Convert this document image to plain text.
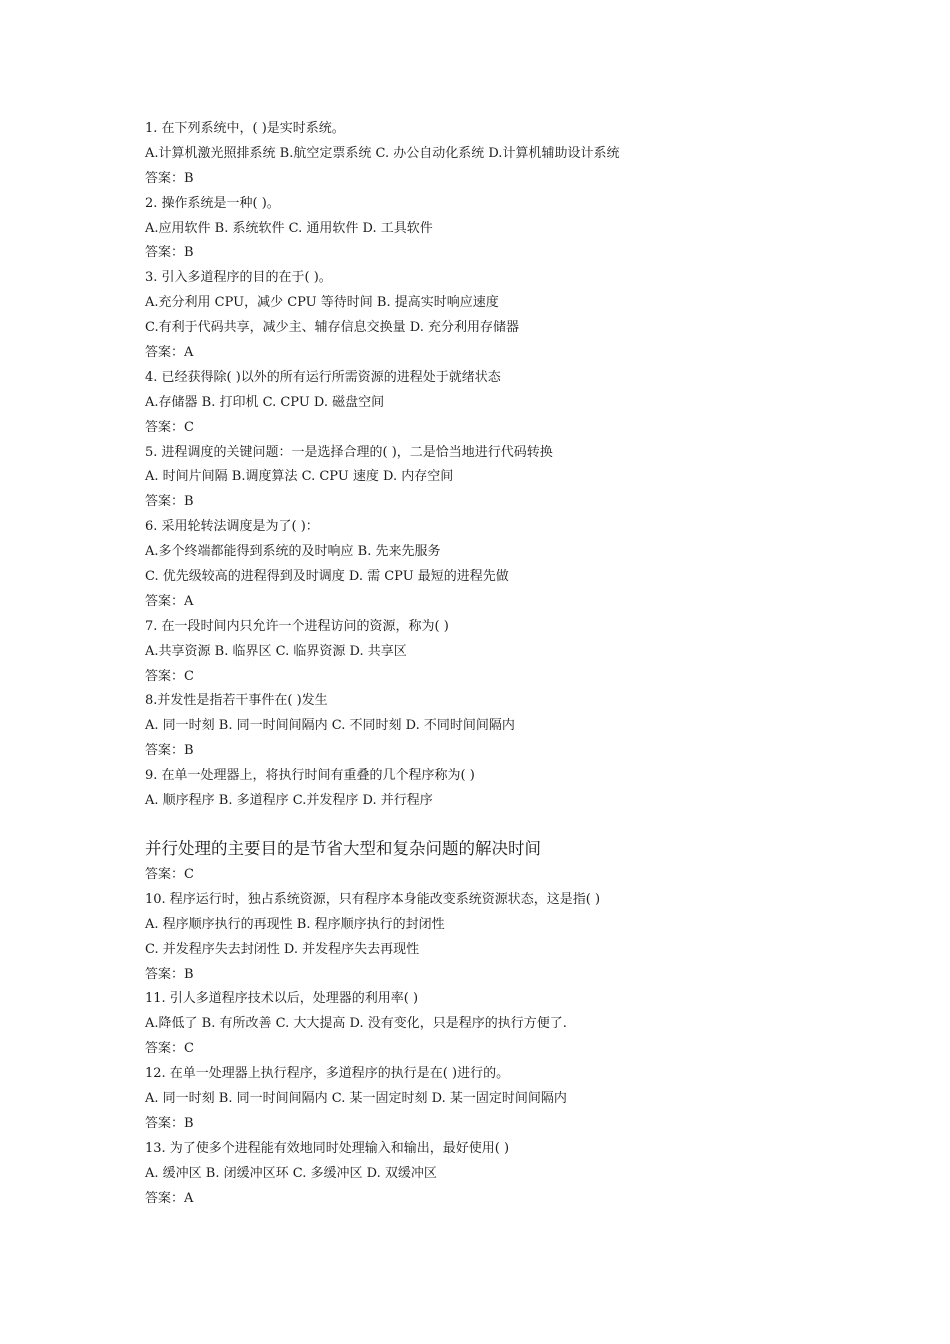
1. 在下列系统中，( )是实时系统。
A.计算机激光照排系统 B.航空定票系统 C. 办公自动化系统 D.计算机辅助设计系统
答案：B
2. 操作系统是一种( )。
A.应用软件 B. 系统软件 C. 通用软件 D. 工具软件
答案：B
3. 引入多道程序的目的在于( )。
A.充分利用 CPU，减少 CPU 等待时间 B. 提高实时响应速度
C.有利于代码共享，减少主、辅存信息交换量 D. 充分利用存储器
答案：A
4. 已经获得除( )以外的所有运行所需资源的进程处于就绪状态
A.存储器 B. 打印机 C. CPU D. 磁盘空间
答案：C
5. 进程调度的关键问题：一是选择合理的( )，二是恰当地进行代码转换
A. 时间片间隔 B.调度算法 C. CPU 速度 D. 内存空间
答案：B
6. 采用轮转法调度是为了( )：
A.多个终端都能得到系统的及时响应 B. 先来先服务
C. 优先级较高的进程得到及时调度 D. 需 CPU 最短的进程先做
答案：A
7. 在一段时间内只允许一个进程访问的资源，称为( )
A.共享资源 B. 临界区 C. 临界资源 D. 共享区
答案：C
8.并发性是指若干事件在( )发生
A. 同一时刻 B. 同一时间间隔内 C. 不同时刻 D. 不同时间间隔内
答案：B
9. 在单一处理器上，将执行时间有重叠的几个程序称为( )
A. 顺序程序 B. 多道程序 C.并发程序 D. 并行程序
并行处理的主要目的是节省大型和复杂问题的解决时间
答案：C
10. 程序运行时，独占系统资源，只有程序本身能改变系统资源状态，这是指( )
A. 程序顺序执行的再现性 B. 程序顺序执行的封闭性
C. 并发程序失去封闭性 D. 并发程序失去再现性
答案：B
11. 引人多道程序技术以后，处理器的利用率( )
A.降低了 B. 有所改善 C. 大大提高 D. 没有变化，只是程序的执行方便了.
答案：C
12. 在单一处理器上执行程序，多道程序的执行是在( )进行的。
A. 同一时刻 B. 同一时间间隔内 C. 某一固定时刻 D. 某一固定时间间隔内
答案：B
13. 为了使多个进程能有效地同时处理输入和输出，最好使用( )
A. 缓冲区 B. 闭缓冲区环 C. 多缓冲区 D. 双缓冲区
答案：A
